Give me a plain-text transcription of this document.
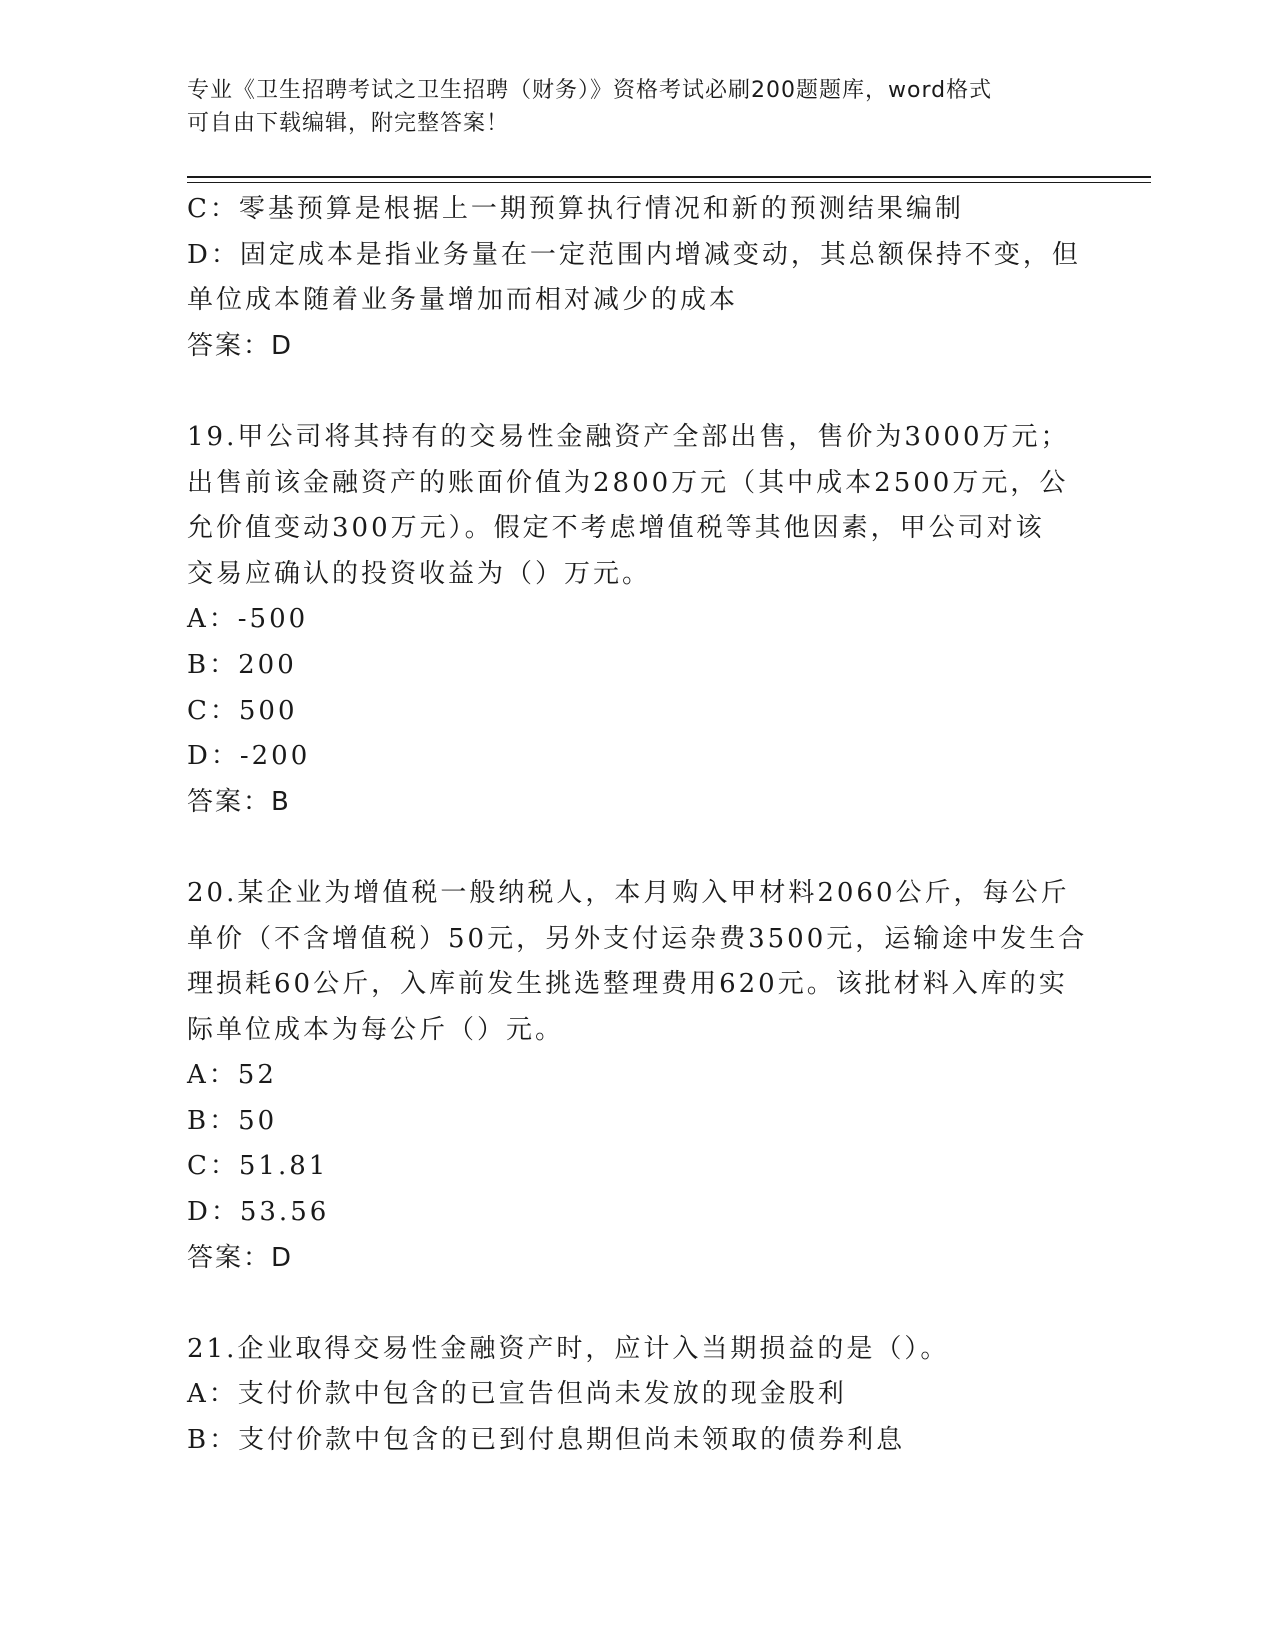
专业《卫生招聘考试之卫生招聘（财务）》资格考试必刷200题题库，word格式
可自由下载编辑，附完整答案！
C：零基预算是根据上一期预算执行情况和新的预测结果编制
D：固定成本是指业务量在一定范围内增减变动，其总额保持不变，但
单位成本随着业务量增加而相对减少的成本
答案：D
19.甲公司将其持有的交易性金融资产全部出售，售价为3000万元；
出售前该金融资产的账面价值为2800万元（其中成本2500万元，公
允价值变动300万元）。假定不考虑增值税等其他因素，甲公司对该
交易应确认的投资收益为（）万元。
A：-500
B：200
C：500
D：-200
答案：B
20.某企业为增值税一般纳税人，本月购入甲材料2060公斤，每公斤
单价（不含增值税）50元，另外支付运杂费3500元，运输途中发生合
理损耗60公斤，入库前发生挑选整理费用620元。该批材料入库的实
际单位成本为每公斤（）元。
A：52
B：50
C：51.81
D：53.56
答案：D
21.企业取得交易性金融资产时，应计入当期损益的是（）。
A：支付价款中包含的已宣告但尚未发放的现金股利
B：支付价款中包含的已到付息期但尚未领取的债券利息
